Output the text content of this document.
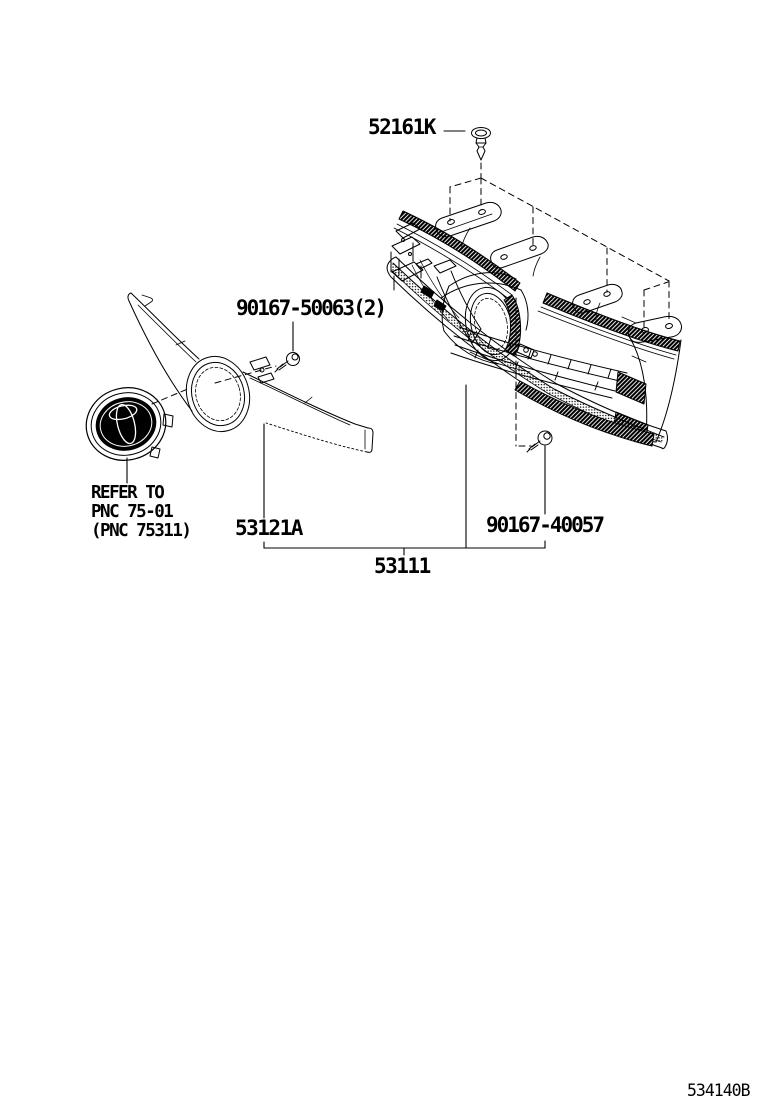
52161K
90167-50063(2)
REFER TO
PNC 75-01
(PNC 75311) 53121A	90167-40057
53111
534140B
